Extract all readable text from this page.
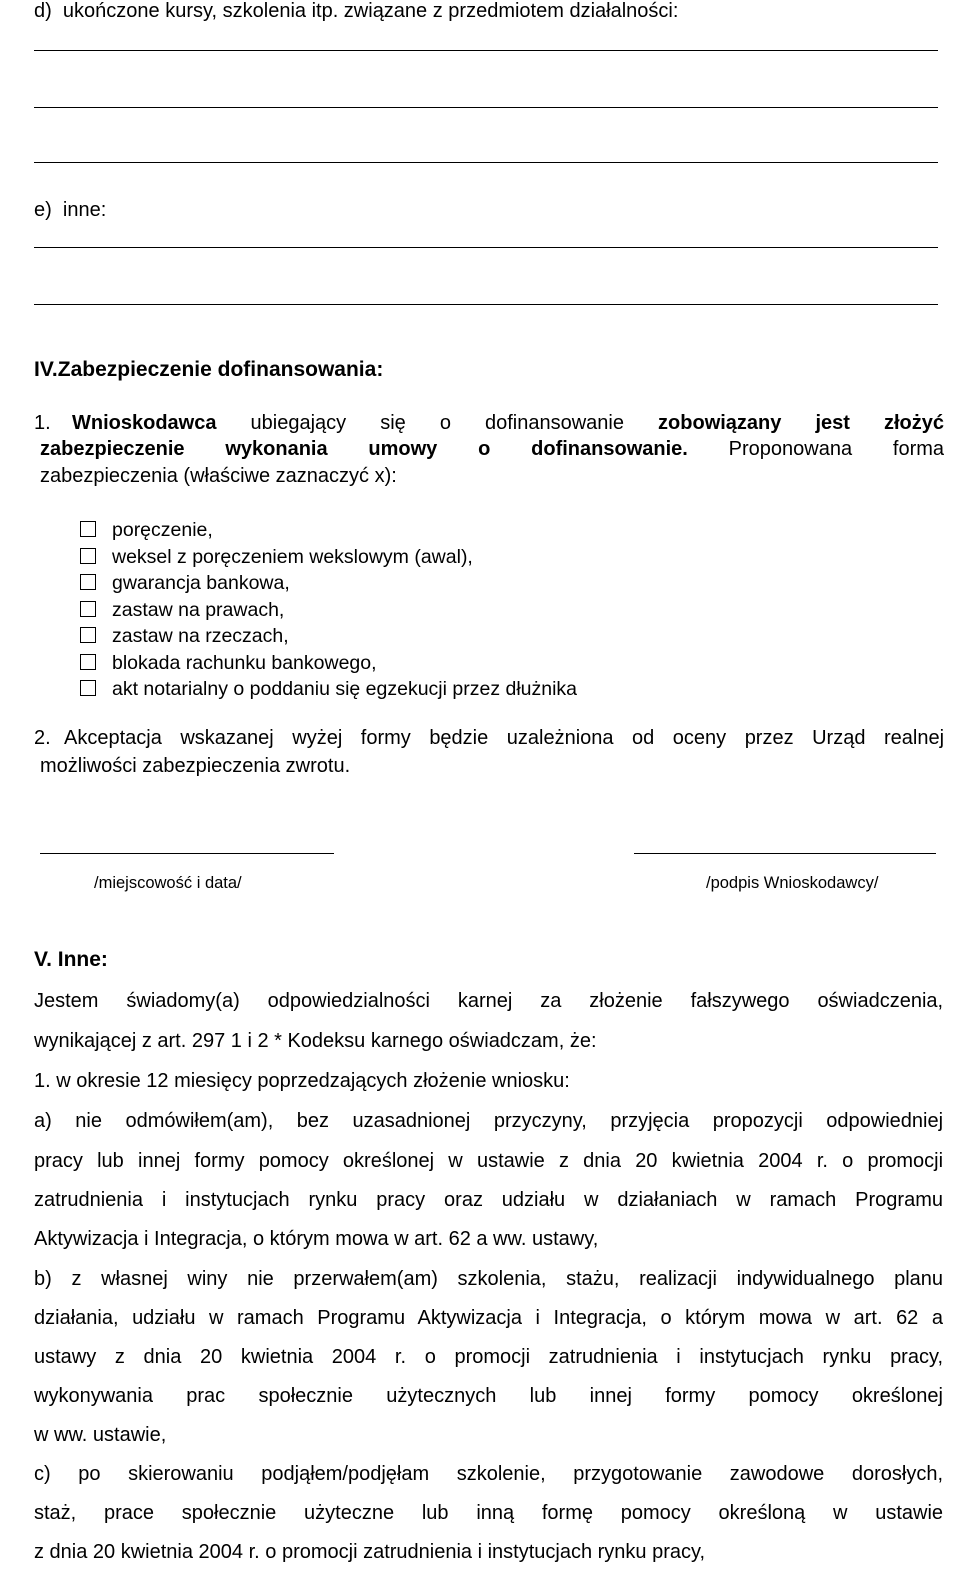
d) ukończone kursy, szkolenia itp. związane z przedmiotem działalności:
e) inne:
IV.Zabezpieczenie dofinansowania:
1. Wnioskodawca ubiegający się o dofinansowanie zobowiązany jest złożyć
zabezpieczenie wykonania umowy o dofinansowanie. Proponowana forma
zabezpieczenia (właściwe zaznaczyć x):
poręczenie,
weksel z poręczeniem wekslowym (awal),
gwarancja bankowa,
zastaw na prawach,
zastaw na rzeczach,
blokada rachunku bankowego,
akt notarialny o poddaniu się egzekucji przez dłużnika
2. Akceptacja wskazanej wyżej formy będzie uzależniona od oceny przez Urząd realnej
możliwości zabezpieczenia zwrotu.
/miejscowość i data/	/podpis Wnioskodawcy/
V. Inne:
Jestem świadomy(a) odpowiedzialności karnej za złożenie fałszywego oświadczenia,
wynikającej z art. 297 1 i 2 * Kodeksu karnego oświadczam, że:
1. w okresie 12 miesięcy poprzedzających złożenie wniosku:
a) nie odmówiłem(am), bez uzasadnionej przyczyny, przyjęcia propozycji odpowiedniej
pracy lub innej formy pomocy określonej w ustawie z dnia 20 kwietnia 2004 r. o promocji
zatrudnienia i instytucjach rynku pracy oraz udziału w działaniach w ramach Programu
Aktywizacja i Integracja, o którym mowa w art. 62 a ww. ustawy,
b) z własnej winy nie przerwałem(am) szkolenia, stażu, realizacji indywidualnego planu
działania, udziału w ramach Programu Aktywizacja i Integracja, o którym mowa w art. 62 a
ustawy z dnia 20 kwietnia 2004 r. o promocji zatrudnienia i instytucjach rynku pracy,
wykonywania prac społecznie użytecznych lub innej formy pomocy określonej
w ww. ustawie,
c) po skierowaniu podjąłem/podjęłam szkolenie, przygotowanie zawodowe dorosłych,
staż, prace społecznie użyteczne lub inną formę pomocy określoną w ustawie
z dnia 20 kwietnia 2004 r. o promocji zatrudnienia i instytucjach rynku pracy,
